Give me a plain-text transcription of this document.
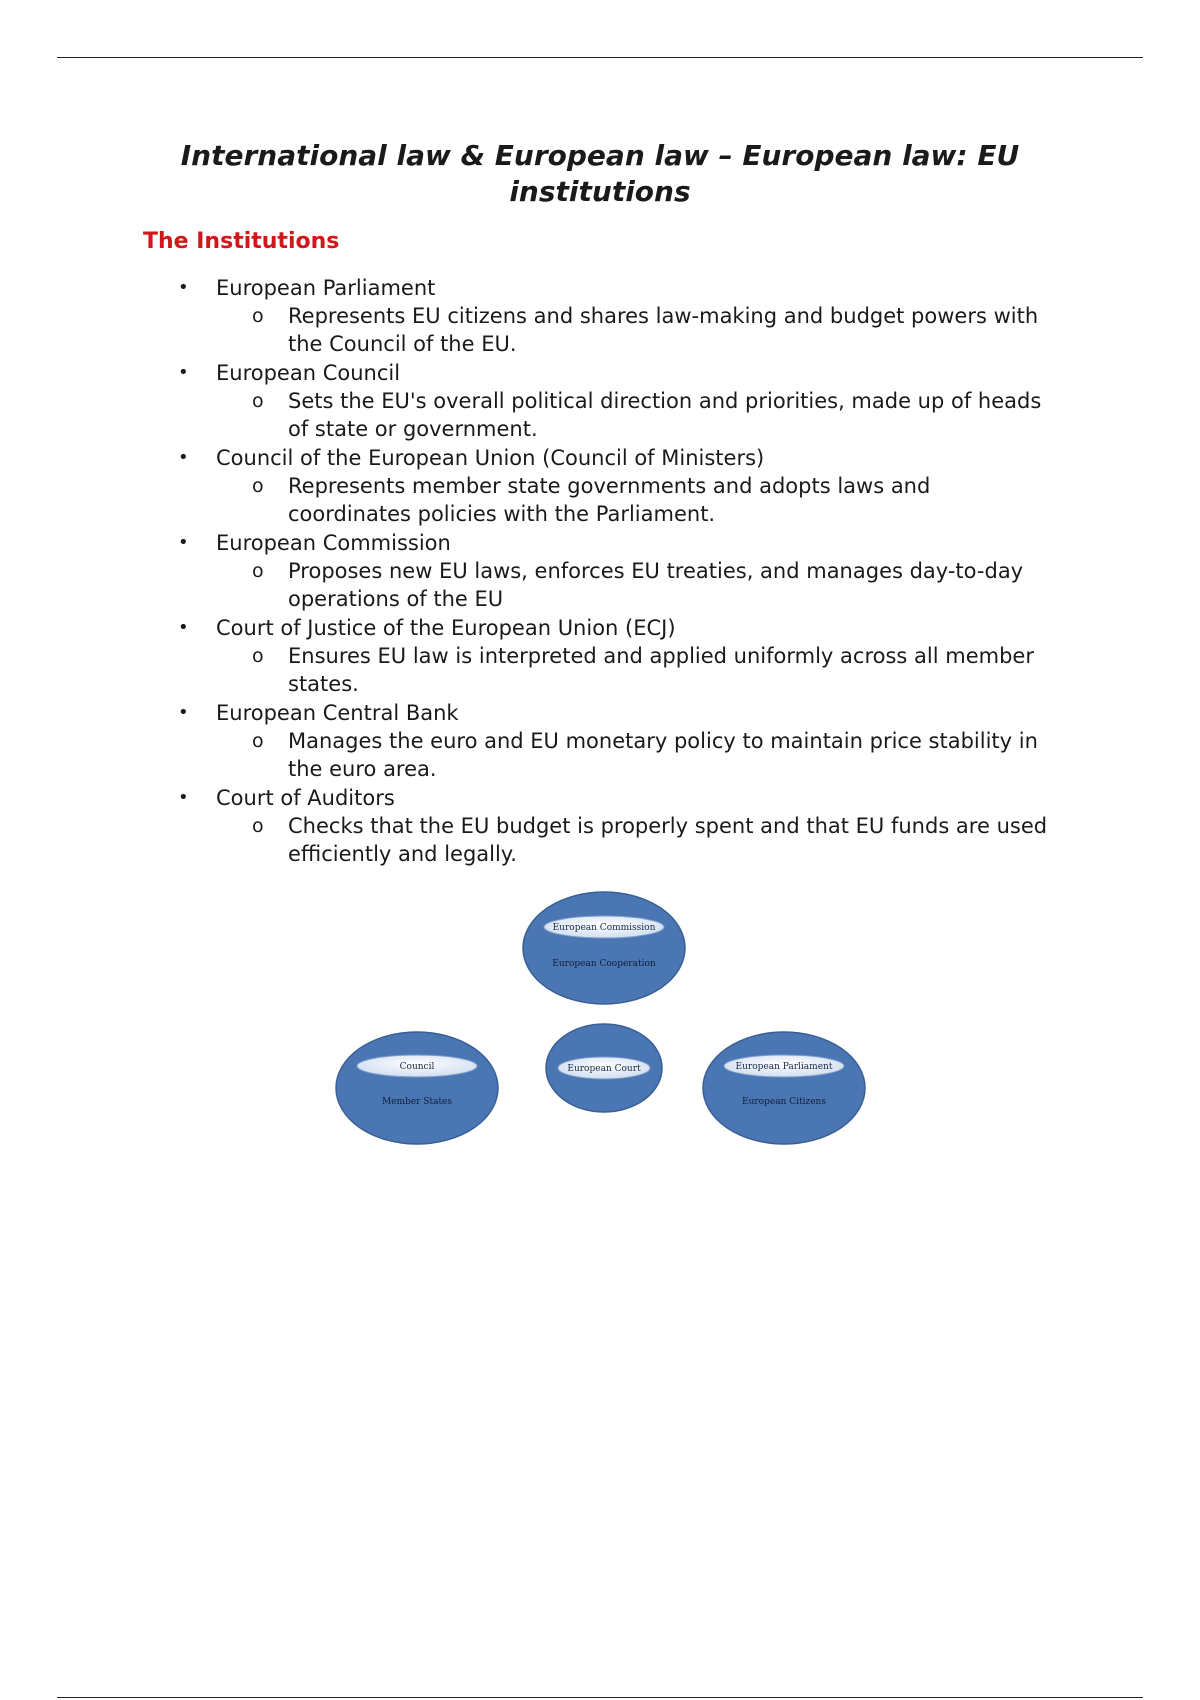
International law & European law – European law: EU institutions
The Institutions
• European Parliament
o Represents EU citizens and shares law-making and budget powers with the Council of the EU.
• European Council
o Sets the EU's overall political direction and priorities, made up of heads of state or government.
• Council of the European Union (Council of Ministers)
o Represents member state governments and adopts laws and coordinates policies with the Parliament.
• European Commission
o Proposes new EU laws, enforces EU treaties, and manages day-to-day operations of the EU
• Court of Justice of the European Union (ECJ)
o Ensures EU law is interpreted and applied uniformly across all member states.
• European Central Bank
o Manages the euro and EU monetary policy to maintain price stability in the euro area.
• Court of Auditors
o Checks that the EU budget is properly spent and that EU funds are used efficiently and legally.
European Commission
European Cooperation
European Court
Council
Member States
European Parliament
European Citizens
